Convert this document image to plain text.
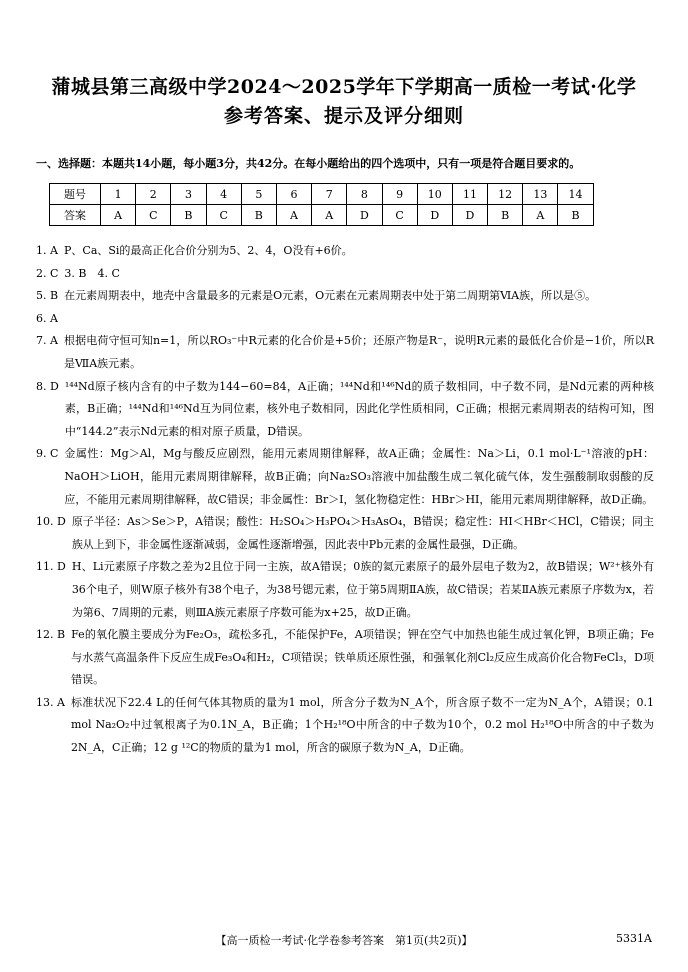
蒲城县第三高级中学2024～2025学年下学期高一质检一考试·化学
参考答案、提示及评分细则
一、选择题：本题共14小题，每小题3分，共42分。在每小题给出的四个选项中，只有一项是符合题目要求的。
题号	1	2	3	4	5	6	7	8	9	10	11	12	13	14
答案	A	C	B	C	B	A	A	D	C	D	D	B	A	B
1. A P、Ca、Si的最高正化合价分别为5、2、4，O没有+6价。
2. C 3. B　4. C
5. B 在元素周期表中，地壳中含量最多的元素是O元素，O元素在元素周期表中处于第二周期第ⅥA族，所以是⑤。
6. A
7. A 根据电荷守恒可知n=1，所以RO₃⁻中R元素的化合价是+5价；还原产物是R⁻，说明R元素的最低化合价是−1价，所以R是ⅦA族元素。
8. D ¹⁴⁴Nd原子核内含有的中子数为144−60=84，A正确；¹⁴⁴Nd和¹⁴⁶Nd的质子数相同，中子数不同，是Nd元素的两种核素，B正确；¹⁴⁴Nd和¹⁴⁶Nd互为同位素，核外电子数相同，因此化学性质相同，C正确；根据元素周期表的结构可知，图中“144.2”表示Nd元素的相对原子质量，D错误。
9. C 金属性：Mg＞Al，Mg与酸反应剧烈，能用元素周期律解释，故A正确；金属性：Na＞Li，0.1 mol·L⁻¹溶液的pH：NaOH＞LiOH，能用元素周期律解释，故B正确；向Na₂SO₃溶液中加盐酸生成二氧化硫气体，发生强酸制取弱酸的反应，不能用元素周期律解释，故C错误；非金属性：Br＞I，氢化物稳定性：HBr＞HI，能用元素周期律解释，故D正确。
10. D 原子半径：As＞Se＞P，A错误；酸性：H₂SO₄＞H₃PO₄＞H₃AsO₄，B错误；稳定性：HI＜HBr＜HCl，C错误；同主族从上到下，非金属性逐渐减弱，金属性逐渐增强，因此表中Pb元素的金属性最强，D正确。
11. D H、Li元素原子序数之差为2且位于同一主族，故A错误；0族的氦元素原子的最外层电子数为2，故B错误；W²⁺核外有36个电子，则W原子核外有38个电子，为38号锶元素，位于第5周期ⅡA族，故C错误；若某ⅡA族元素原子序数为x，若为第6、7周期的元素，则ⅢA族元素原子序数可能为x+25，故D正确。
12. B Fe的氧化膜主要成分为Fe₂O₃，疏松多孔，不能保护Fe，A项错误；钾在空气中加热也能生成过氧化钾，B项正确；Fe与水蒸气高温条件下反应生成Fe₃O₄和H₂，C项错误；铁单质还原性强，和强氧化剂Cl₂反应生成高价化合物FeCl₃，D项错误。
13. A 标准状况下22.4 L的任何气体其物质的量为1 mol，所含分子数为N_A个，所含原子数不一定为N_A个，A错误；0.1 mol Na₂O₂中过氧根离子为0.1N_A，B正确；1个H₂¹⁸O中所含的中子数为10个，0.2 mol H₂¹⁸O中所含的中子数为2N_A，C正确；12 g ¹²C的物质的量为1 mol，所含的碳原子数为N_A，D正确。
【高一质检一考试·化学卷参考答案　第1页(共2页)】	5331A
